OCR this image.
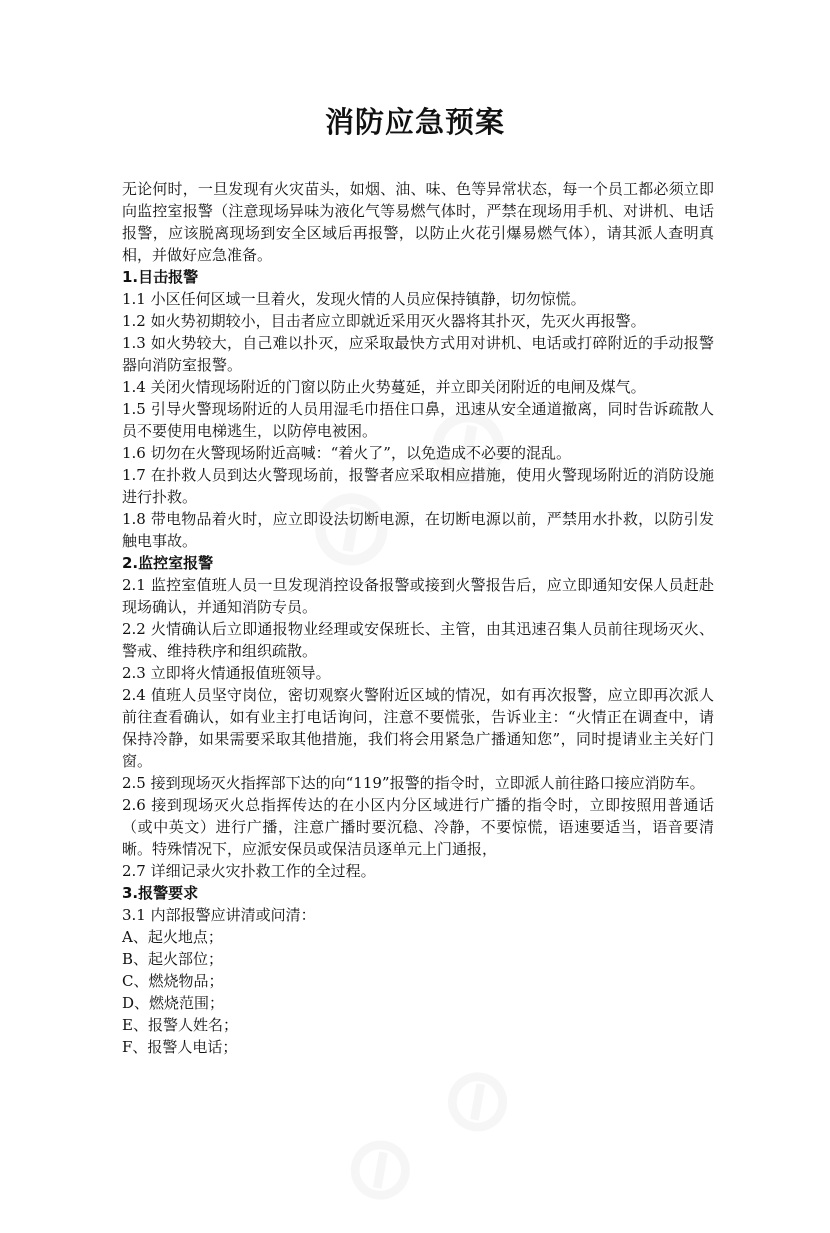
消防应急预案

无论何时，一旦发现有火灾苗头，如烟、油、味、色等异常状态，每一个员工都必须立即向监控室报警（注意现场异味为液化气等易燃气体时，严禁在现场用手机、对讲机、电话报警，应该脱离现场到安全区域后再报警，以防止火花引爆易燃气体），请其派人查明真相，并做好应急准备。

1.目击报警

1.1 小区任何区域一旦着火，发现火情的人员应保持镇静，切勿惊慌。

1.2 如火势初期较小，目击者应立即就近采用灭火器将其扑灭，先灭火再报警。

1.3 如火势较大，自己难以扑灭，应采取最快方式用对讲机、电话或打碎附近的手动报警器向消防室报警。

1.4 关闭火情现场附近的门窗以防止火势蔓延，并立即关闭附近的电闸及煤气。

1.5 引导火警现场附近的人员用湿毛巾捂住口鼻，迅速从安全通道撤离，同时告诉疏散人员不要使用电梯逃生，以防停电被困。

1.6 切勿在火警现场附近高喊：“着火了”，以免造成不必要的混乱。

1.7 在扑救人员到达火警现场前，报警者应采取相应措施，使用火警现场附近的消防设施进行扑救。

1.8 带电物品着火时，应立即设法切断电源，在切断电源以前，严禁用水扑救，以防引发触电事故。

2.监控室报警

2.1 监控室值班人员一旦发现消控设备报警或接到火警报告后，应立即通知安保人员赶赴现场确认，并通知消防专员。

2.2 火情确认后立即通报物业经理或安保班长、主管，由其迅速召集人员前往现场灭火、警戒、维持秩序和组织疏散。

2.3 立即将火情通报值班领导。

2.4 值班人员坚守岗位，密切观察火警附近区域的情况，如有再次报警，应立即再次派人前往查看确认，如有业主打电话询问，注意不要慌张，告诉业主：“火情正在调查中，请保持冷静，如果需要采取其他措施，我们将会用紧急广播通知您”，同时提请业主关好门窗。

2.5 接到现场灭火指挥部下达的向“119”报警的指令时，立即派人前往路口接应消防车。

2.6 接到现场灭火总指挥传达的在小区内分区域进行广播的指令时，立即按照用普通话（或中英文）进行广播，注意广播时要沉稳、冷静，不要惊慌，语速要适当，语音要清晰。特殊情况下，应派安保员或保洁员逐单元上门通报，

2.7 详细记录火灾扑救工作的全过程。

3.报警要求

3.1 内部报警应讲清或问清：

A、起火地点；

B、起火部位；

C、燃烧物品；

D、燃烧范围；

E、报警人姓名；

F、报警人电话；
